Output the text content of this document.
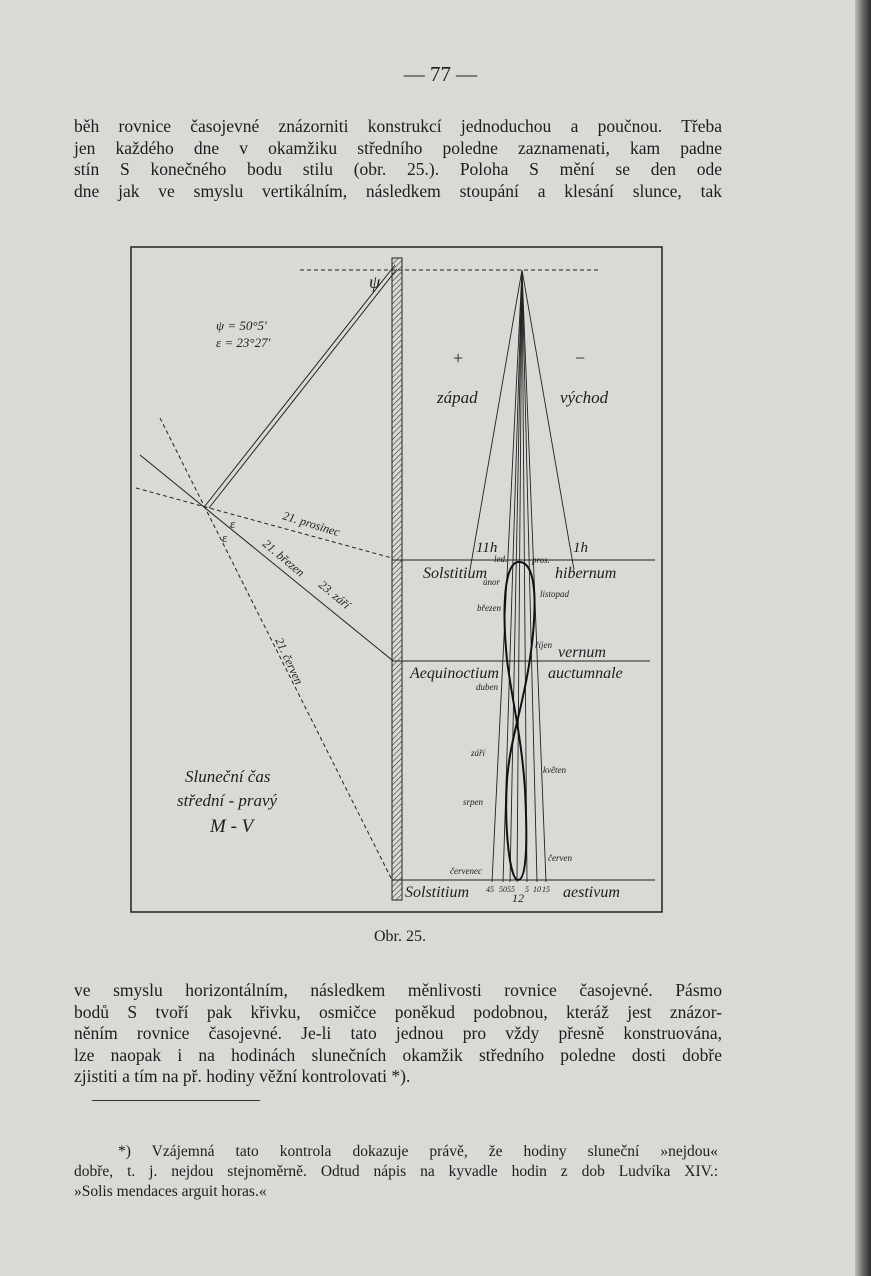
— 77 —
běh rovnice časojevné znázorniti konstrukcí jednoduchou a poučnou. Třeba
jen každého dne v okamžiku středního poledne zaznamenati, kam padne
stín S konečného bodu stilu (obr. 25.). Poloha S mění se den ode
dne jak ve smyslu vertikálním, následkem stoupání a klesání slunce, tak
ψ
ψ = 50°5'
ε = 23°27'
ε
ε
+	−
západ	východ
11h	1h
21. prosinec
21. březen
23. září
21. červen
Solstitium	hibernum
Aequinoctium
vernum
auctumnale
Solstitium	aestivum
led.
únor
březen
duben
září
srpen
červenec
pros.
listopad
říjen
květen
červen
45 50 55
12
5 10 15
Sluneční čas
střední - pravý
M - V
Obr. 25.
ve smyslu horizontálním, následkem měnlivosti rovnice časojevné. Pásmo
bodů S tvoří pak křivku, osmičce poněkud podobnou, kteráž jest znázor-
něním rovnice časojevné. Je-li tato jednou pro vždy přesně konstruována,
lze naopak i na hodinách slunečních okamžik středního poledne dosti dobře
zjistiti a tím na př. hodiny věžní kontrolovati *).
*) Vzájemná tato kontrola dokazuje právě, že hodiny sluneční »nejdou«
dobře, t. j. nejdou stejnoměrně. Odtud nápis na kyvadle hodin z dob Ludvíka XIV.:
»Solis mendaces arguit horas.«
